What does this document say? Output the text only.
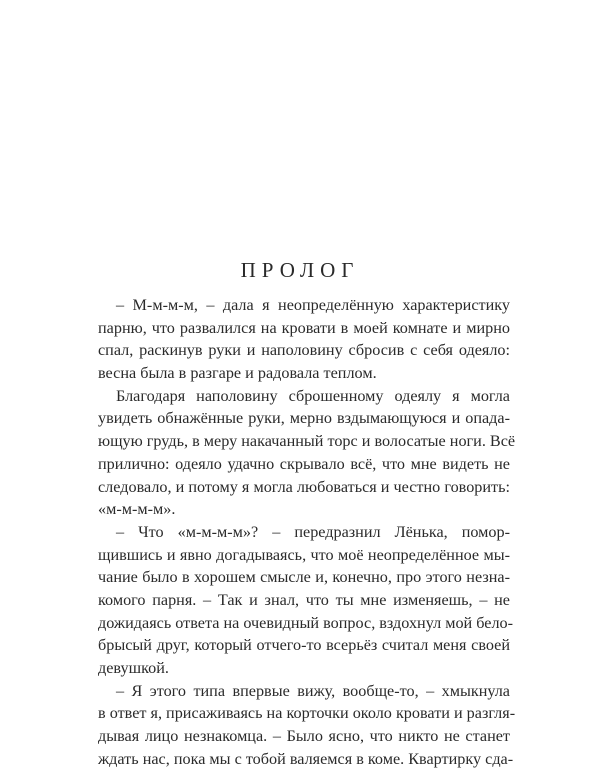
ПРОЛОГ
– М-м-м-м, – дала я неопределённую характеристику
парню, что развалился на кровати в моей комнате и мирно
спал, раскинув руки и наполовину сбросив с себя одеяло:
весна была в разгаре и радовала теплом.
Благодаря наполовину сброшенному одеялу я могла
увидеть обнажённые руки, мерно вздымающуюся и опада-
ющую грудь, в меру накачанный торс и волосатые ноги. Всё
прилично: одеяло удачно скрывало всё, что мне видеть не
следовало, и потому я могла любоваться и честно говорить:
«м-м-м-м».
– Что «м-м-м-м»? – передразнил Лёнька, помор-
щившись и явно догадываясь, что моё неопределённое мы-
чание было в хорошем смысле и, конечно, про этого незна-
комого парня. – Так и знал, что ты мне изменяешь, – не
дожидаясь ответа на очевидный вопрос, вздохнул мой бело-
брысый друг, который отчего-то всерьёз считал меня своей
девушкой.
– Я этого типа впервые вижу, вообще-то, – хмыкнула
в ответ я, присаживаясь на корточки около кровати и разгля-
дывая лицо незнакомца. – Было ясно, что никто не станет
ждать нас, пока мы с тобой валяемся в коме. Квартирку сда-
